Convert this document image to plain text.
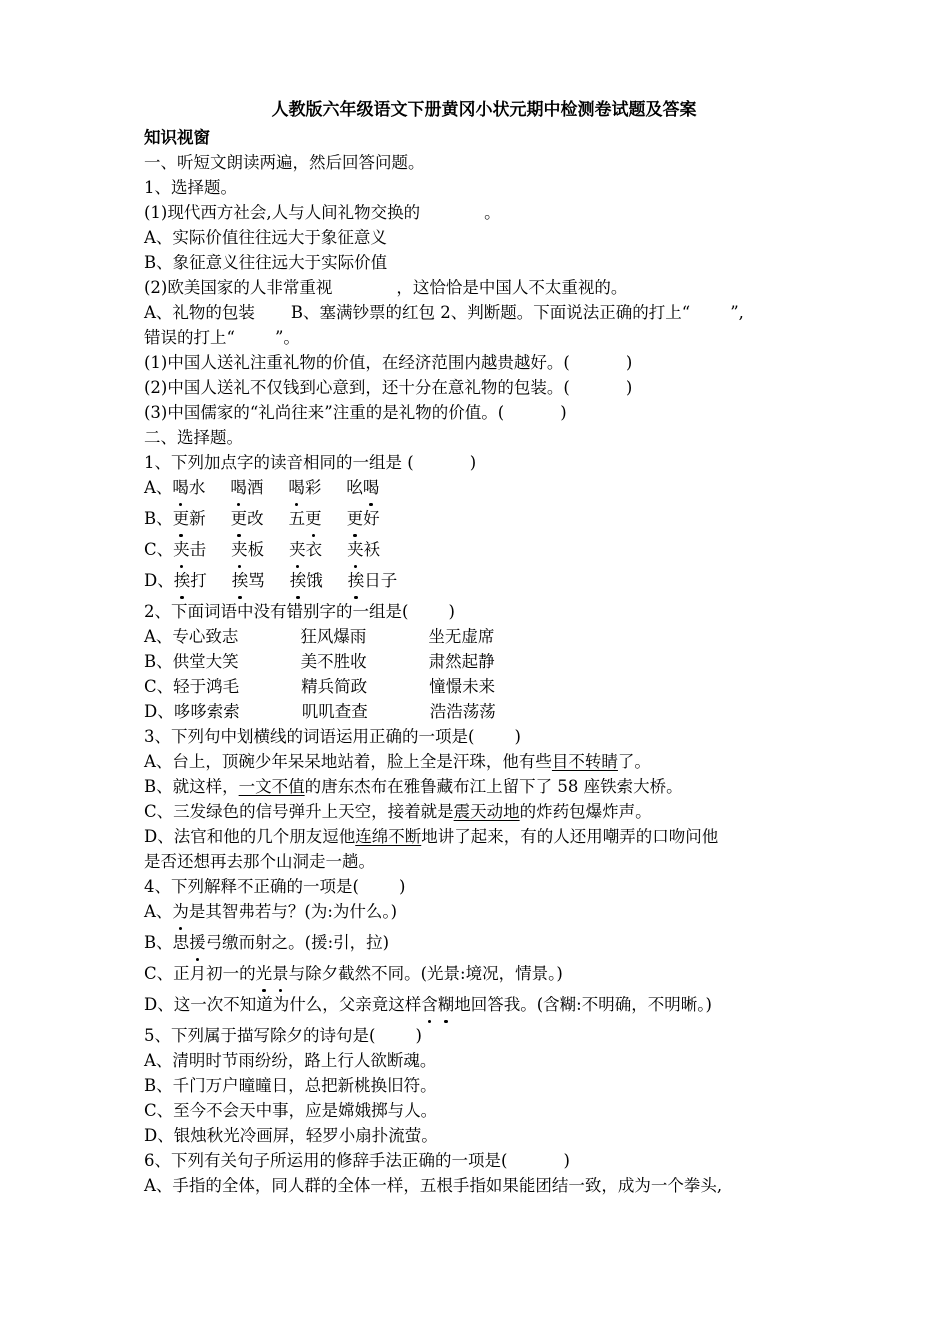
人教版六年级语文下册黄冈小状元期中检测卷试题及答案
知识视窗
一、听短文朗读两遍，然后回答问题。
1、选择题。
(1)现代西方社会,人与人间礼物交换的	。
A、实际价值往往远大于象征意义
B、象征意义往往远大于实际价值
(2)欧美国家的人非常重视	，这恰恰是中国人不太重视的。
A、礼物的包装 B、塞满钞票的红包 2、判断题。下面说法正确的打上“ ”,
错误的打上“ ”。
(1)中国人送礼注重礼物的价值，在经济范围内越贵越好。(	)
(2)中国人送礼不仅钱到心意到，还十分在意礼物的包装。(	)
(3)中国儒家的“礼尚往来”注重的是礼物的价值。(	)
二、选择题。
1、下列加点字的读音相同的一组是 (	)
A、喝水 喝酒 喝彩 吆喝
B、更新 更改 五更 更好
C、夹击 夹板 夹衣 夹袄
D、挨打 挨骂 挨饿 挨日子
2、下面词语中没有错别字的一组是( )
A、专心致志	狂风爆雨	坐无虚席
B、供堂大笑	美不胜收	肃然起静
C、轻于鸿毛	精兵简政	憧憬未来
D、哆哆索索	叽叽查查	浩浩荡荡
3、下列句中划横线的词语运用正确的一项是( )
A、台上，顶碗少年呆呆地站着，脸上全是汗珠，他有些目不转睛了。
B、就这样，一文不值的唐东杰布在雅鲁藏布江上留下了 58 座铁索大桥。
C、三发绿色的信号弹升上天空，接着就是震天动地的炸药包爆炸声。
D、法官和他的几个朋友逗他连绵不断地讲了起来，有的人还用嘲弄的口吻问他
是否还想再去那个山洞走一趟。
4、下列解释不正确的一项是( )
A、为是其智弗若与？(为:为什么。)
B、思援弓缴而射之。(援:引，拉)
C、正月初一的光景与除夕截然不同。(光景:境况，情景。)
D、这一次不知道为什么，父亲竟这样含糊地回答我。(含糊:不明确，不明晰。)
5、下列属于描写除夕的诗句是( )
A、清明时节雨纷纷，路上行人欲断魂。
B、千门万户曈曈日，总把新桃换旧符。
C、至今不会天中事，应是嫦娥掷与人。
D、银烛秋光冷画屏，轻罗小扇扑流萤。
6、下列有关句子所运用的修辞手法正确的一项是(	)
A、手指的全体，同人群的全体一样，五根手指如果能团结一致，成为一个拳头,
